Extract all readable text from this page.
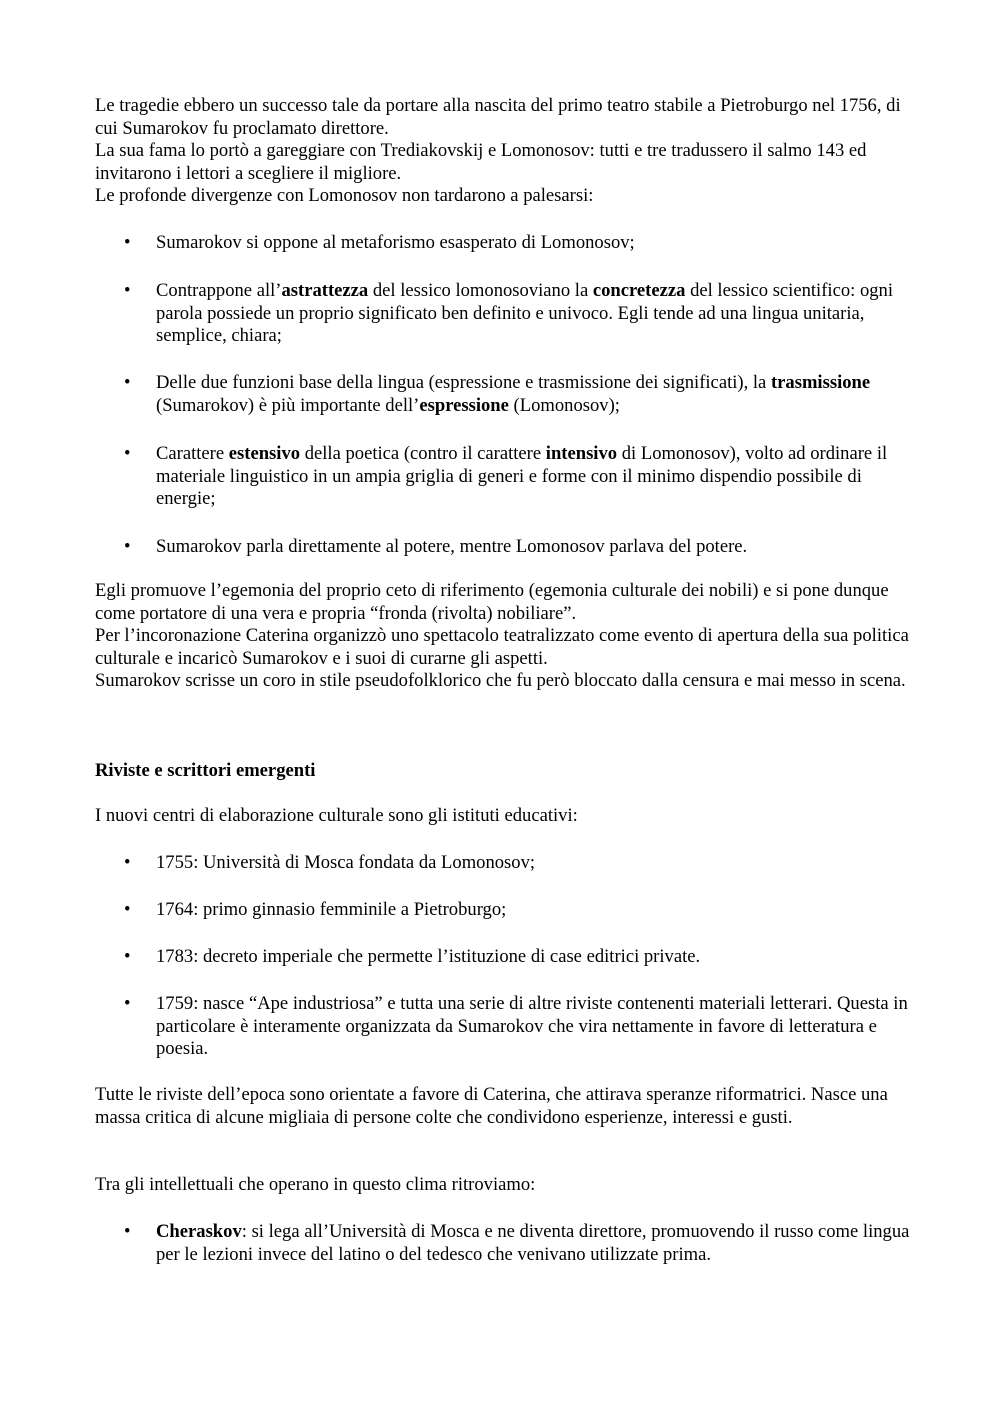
Le tragedie ebbero un successo tale da portare alla nascita del primo teatro stabile a Pietroburgo nel 1756, di cui Sumarokov fu proclamato direttore.

La sua fama lo portò a gareggiare con Trediakovskij e Lomonosov: tutti e tre tradussero il salmo 143 ed invitarono i lettori a scegliere il migliore.

Le profonde divergenze con Lomonosov non tardarono a palesarsi:

• Sumarokov si oppone al metaforismo esasperato di Lomonosov;

• Contrappone all’astrattezza del lessico lomonosoviano la concretezza del lessico scientifico: ogni parola possiede un proprio significato ben definito e univoco. Egli tende ad una lingua unitaria, semplice, chiara;

• Delle due funzioni base della lingua (espressione e trasmissione dei significati), la trasmissione (Sumarokov) è più importante dell’espressione (Lomonosov);

• Carattere estensivo della poetica (contro il carattere intensivo di Lomonosov), volto ad ordinare il materiale linguistico in un ampia griglia di generi e forme con il minimo dispendio possibile di energie;

• Sumarokov parla direttamente al potere, mentre Lomonosov parlava del potere.

Egli promuove l’egemonia del proprio ceto di riferimento (egemonia culturale dei nobili) e si pone dunque come portatore di una vera e propria “fronda (rivolta) nobiliare”.

Per l’incoronazione Caterina organizzò uno spettacolo teatralizzato come evento di apertura della sua politica culturale e incaricò Sumarokov e i suoi di curarne gli aspetti.

Sumarokov scrisse un coro in stile pseudofolklorico che fu però bloccato dalla censura e mai messo in scena.

Riviste e scrittori emergenti

I nuovi centri di elaborazione culturale sono gli istituti educativi:

• 1755: Università di Mosca fondata da Lomonosov;

• 1764: primo ginnasio femminile a Pietroburgo;

• 1783: decreto imperiale che permette l’istituzione di case editrici private.

• 1759: nasce “Ape industriosa” e tutta una serie di altre riviste contenenti materiali letterari. Questa in particolare è interamente organizzata da Sumarokov che vira nettamente in favore di letteratura e poesia.

Tutte le riviste dell’epoca sono orientate a favore di Caterina, che attirava speranze riformatrici. Nasce una massa critica di alcune migliaia di persone colte che condividono esperienze, interessi e gusti.

Tra gli intellettuali che operano in questo clima ritroviamo:

• Cheraskov: si lega all’Università di Mosca e ne diventa direttore, promuovendo il russo come lingua per le lezioni invece del latino o del tedesco che venivano utilizzate prima.
